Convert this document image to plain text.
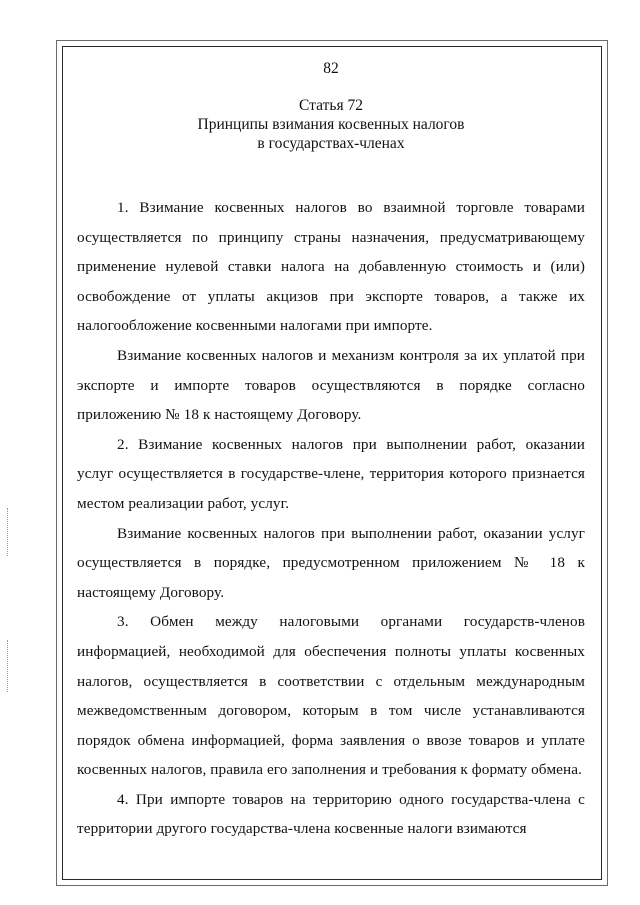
82

Статья 72

Принципы взимания косвенных налогов

в государствах-членах

1. Взимание косвенных налогов во взаимной торговле товарами осуществляется по принципу страны назначения, предусматривающему применение нулевой ставки налога на добавленную стоимость и (или) освобождение от уплаты акцизов при экспорте товаров, а также их налогообложение косвенными налогами при импорте.

Взимание косвенных налогов и механизм контроля за их уплатой при экспорте и импорте товаров осуществляются в порядке согласно приложению № 18 к настоящему Договору.

2. Взимание косвенных налогов при выполнении работ, оказании услуг осуществляется в государстве-члене, территория которого признается местом реализации работ, услуг.

Взимание косвенных налогов при выполнении работ, оказании услуг осуществляется в порядке, предусмотренном приложением № 18 к настоящему Договору.

3. Обмен между налоговыми органами государств-членов информацией, необходимой для обеспечения полноты уплаты косвенных налогов, осуществляется в соответствии с отдельным международным межведомственным договором, которым в том числе устанавливаются порядок обмена информацией, форма заявления о ввозе товаров и уплате косвенных налогов, правила его заполнения и требования к формату обмена.

4. При импорте товаров на территорию одного государства-члена с территории другого государства-члена косвенные налоги взимаются
